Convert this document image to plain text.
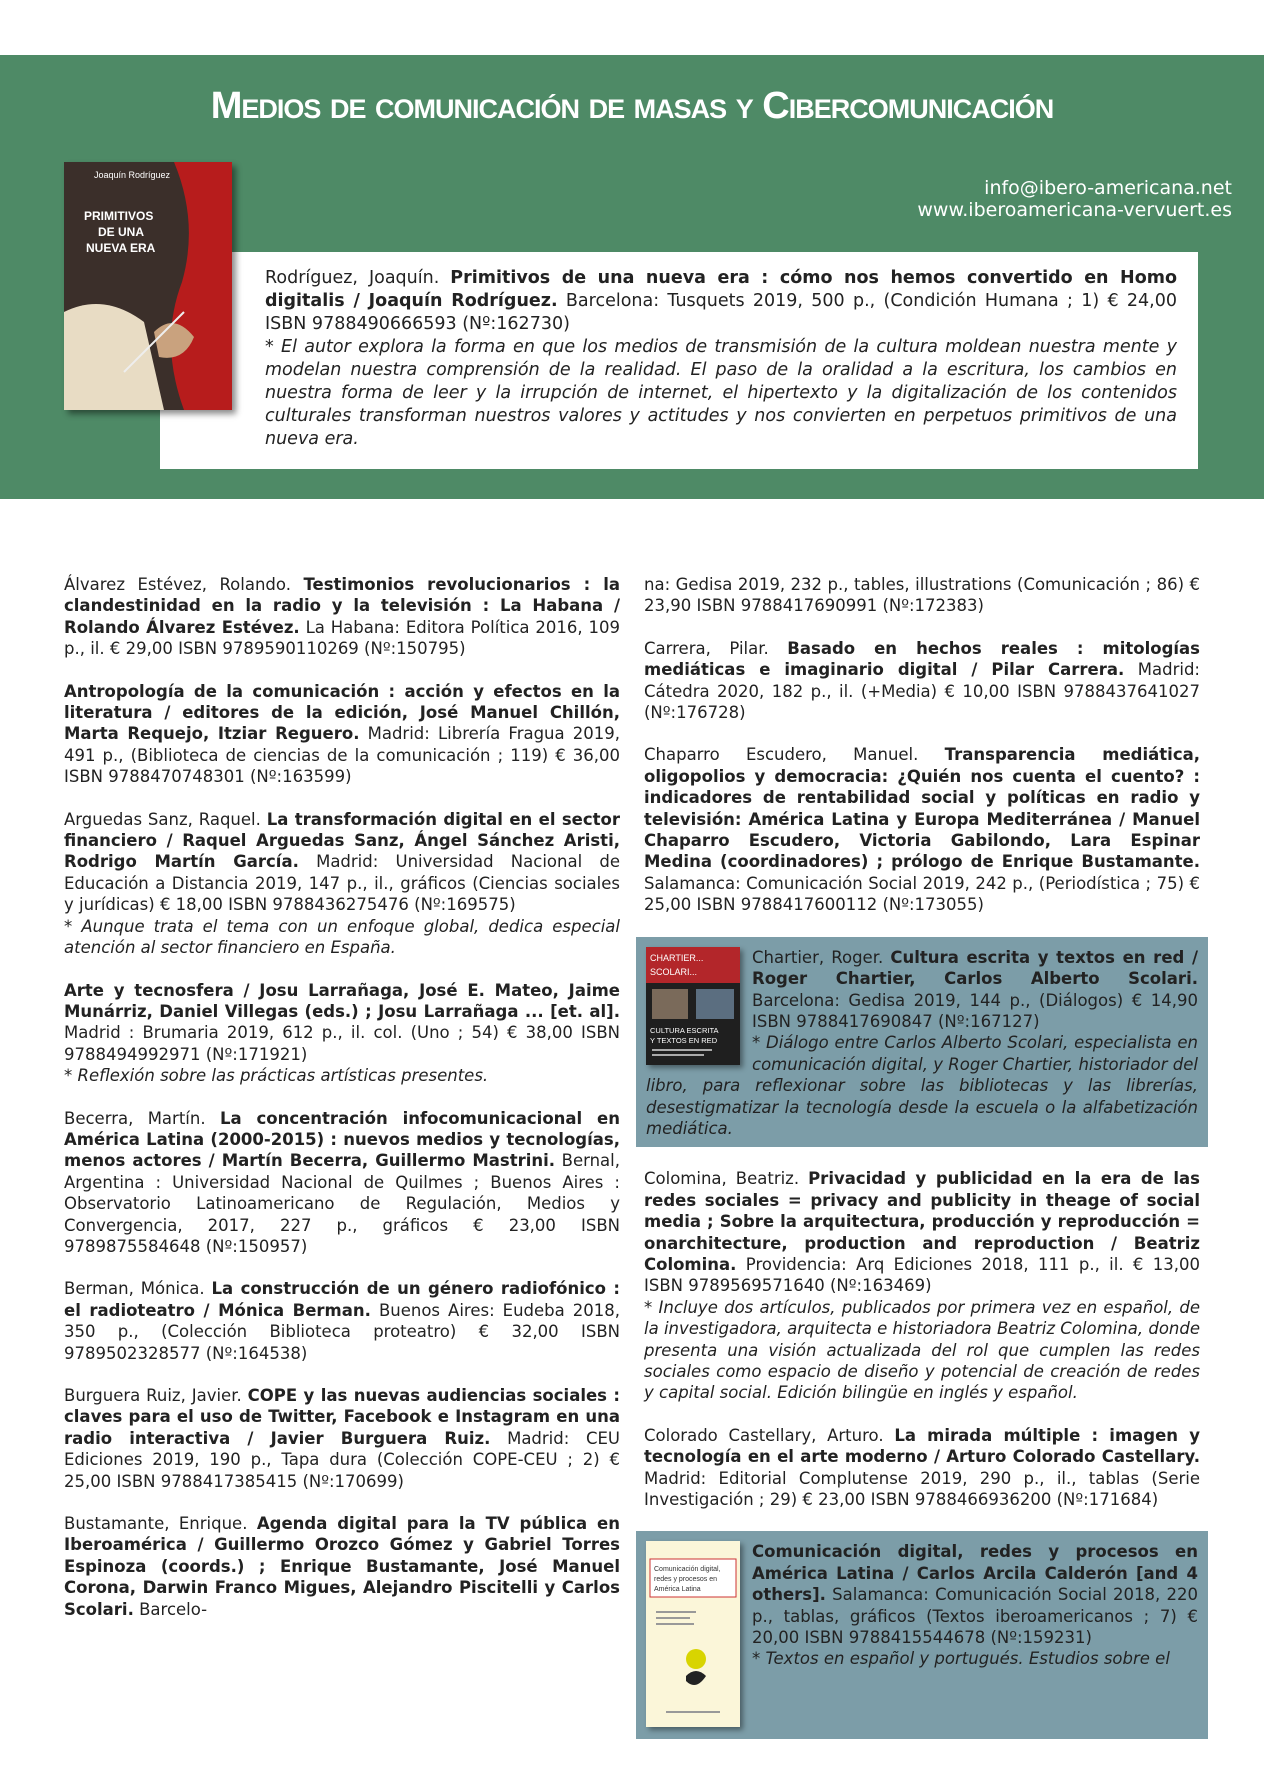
Medios de comunicación de masas y Cibercomunicación
info@ibero-americana.net
www.iberoamericana-vervuert.es
Joaquín Rodríguez
PRIMITIVOS
DE UNA
NUEVA ERA
Rodríguez, Joaquín. Primitivos de una nueva era : cómo nos hemos convertido en Homo digitalis / Joaquín Rodríguez. Barcelona: Tusquets 2019, 500 p., (Condición Humana ; 1) € 24,00 ISBN 9788490666593 (Nº:162730)
* El autor explora la forma en que los medios de transmisión de la cultura moldean nuestra mente y modelan nuestra comprensión de la realidad. El paso de la oralidad a la escritura, los cambios en nuestra forma de leer y la irrupción de internet, el hipertexto y la digitalización de los contenidos culturales transforman nuestros valores y actitudes y nos convierten en perpetuos primitivos de una nueva era.
Álvarez Estévez, Rolando. Testimonios revolucionarios : la clandestinidad en la radio y la televisión : La Habana / Rolando Álvarez Estévez. La Habana: Editora Política 2016, 109 p., il. € 29,00 ISBN 9789590110269 (Nº:150795)
Antropología de la comunicación : acción y efectos en la literatura / editores de la edición, José Manuel Chillón, Marta Requejo, Itziar Reguero. Madrid: Librería Fragua 2019, 491 p., (Biblioteca de ciencias de la comunicación ; 119) € 36,00 ISBN 9788470748301 (Nº:163599)
Arguedas Sanz, Raquel. La transformación digital en el sector financiero / Raquel Arguedas Sanz, Ángel Sánchez Aristi, Rodrigo Martín García. Madrid: Universidad Nacional de Educación a Distancia 2019, 147 p., il., gráficos (Ciencias sociales y jurídicas) € 18,00 ISBN 9788436275476 (Nº:169575)
* Aunque trata el tema con un enfoque global, dedica especial atención al sector financiero en España.
Arte y tecnosfera / Josu Larrañaga, José E. Mateo, Jaime Munárriz, Daniel Villegas (eds.) ; Josu Larrañaga ... [et. al]. Madrid : Brumaria 2019, 612 p., il. col. (Uno ; 54) € 38,00 ISBN 9788494992971 (Nº:171921)
* Reflexión sobre las prácticas artísticas presentes.
Becerra, Martín. La concentración infocomunicacional en América Latina (2000-2015) : nuevos medios y tecnologías, menos actores / Martín Becerra, Guillermo Mastrini. Bernal, Argentina : Universidad Nacional de Quilmes ; Buenos Aires : Observatorio Latinoamericano de Regulación, Medios y Convergencia, 2017, 227 p., gráficos € 23,00 ISBN 9789875584648 (Nº:150957)
Berman, Mónica. La construcción de un género radiofónico : el radioteatro / Mónica Berman. Buenos Aires: Eudeba 2018, 350 p., (Colección Biblioteca proteatro) € 32,00 ISBN 9789502328577 (Nº:164538)
Burguera Ruiz, Javier. COPE y las nuevas audiencias sociales : claves para el uso de Twitter, Facebook e Instagram en una radio interactiva / Javier Burguera Ruiz. Madrid: CEU Ediciones 2019, 190 p., Tapa dura (Colección COPE-CEU ; 2) € 25,00 ISBN 9788417385415 (Nº:170699)
Bustamante, Enrique. Agenda digital para la TV pública en Iberoamérica / Guillermo Orozco Gómez y Gabriel Torres Espinoza (coords.) ; Enrique Bustamante, José Manuel Corona, Darwin Franco Migues, Alejandro Piscitelli y Carlos Scolari. Barcelo-
na: Gedisa 2019, 232 p., tables, illustrations (Comunicación ; 86) € 23,90 ISBN 9788417690991 (Nº:172383)
Carrera, Pilar. Basado en hechos reales : mitologías mediáticas e imaginario digital / Pilar Carrera. Madrid: Cátedra 2020, 182 p., il. (+Media) € 10,00 ISBN 9788437641027 (Nº:176728)
Chaparro Escudero, Manuel. Transparencia mediática, oligopolios y democracia: ¿Quién nos cuenta el cuento? : indicadores de rentabilidad social y políticas en radio y televisión: América Latina y Europa Mediterránea / Manuel Chaparro Escudero, Victoria Gabilondo, Lara Espinar Medina (coordinadores) ; prólogo de Enrique Bustamante. Salamanca: Comunicación Social 2019, 242 p., (Periodística ; 75) € 25,00 ISBN 9788417600112 (Nº:173055)
CHARTIER...
SCOLARI...
CULTURA ESCRITA
Y TEXTOS EN RED
Chartier, Roger. Cultura escrita y textos en red / Roger Chartier, Carlos Alberto Scolari. Barcelona: Gedisa 2019, 144 p., (Diálogos) € 14,90 ISBN 9788417690847 (Nº:167127)
* Diálogo entre Carlos Alberto Scolari, especialista en comunicación digital, y Roger Chartier, historiador del libro, para reflexionar sobre las bibliotecas y las librerías, desestigmatizar la tecnología desde la escuela o la alfabetización mediática.
Colomina, Beatriz. Privacidad y publicidad en la era de las redes sociales = privacy and publicity in theage of social media ; Sobre la arquitectura, producción y reproducción = onarchitecture, production and reproduction / Beatriz Colomina. Providencia: Arq Ediciones 2018, 111 p., il. € 13,00 ISBN 9789569571640 (Nº:163469)
* Incluye dos artículos, publicados por primera vez en español, de la investigadora, arquitecta e historiadora Beatriz Colomina, donde presenta una visión actualizada del rol que cumplen las redes sociales como espacio de diseño y potencial de creación de redes y capital social. Edición bilingüe en inglés y español.
Colorado Castellary, Arturo. La mirada múltiple : imagen y tecnología en el arte moderno / Arturo Colorado Castellary. Madrid: Editorial Complutense 2019, 290 p., il., tablas (Serie Investigación ; 29) € 23,00 ISBN 9788466936200 (Nº:171684)
Comunicación digital,
redes y procesos en
América Latina
Comunicación digital, redes y procesos en América Latina / Carlos Arcila Calderón [and 4 others]. Salamanca: Comunicación Social 2018, 220 p., tablas, gráficos (Textos iberoamericanos ; 7) € 20,00 ISBN 9788415544678 (Nº:159231)
* Textos en español y portugués. Estudios sobre el
